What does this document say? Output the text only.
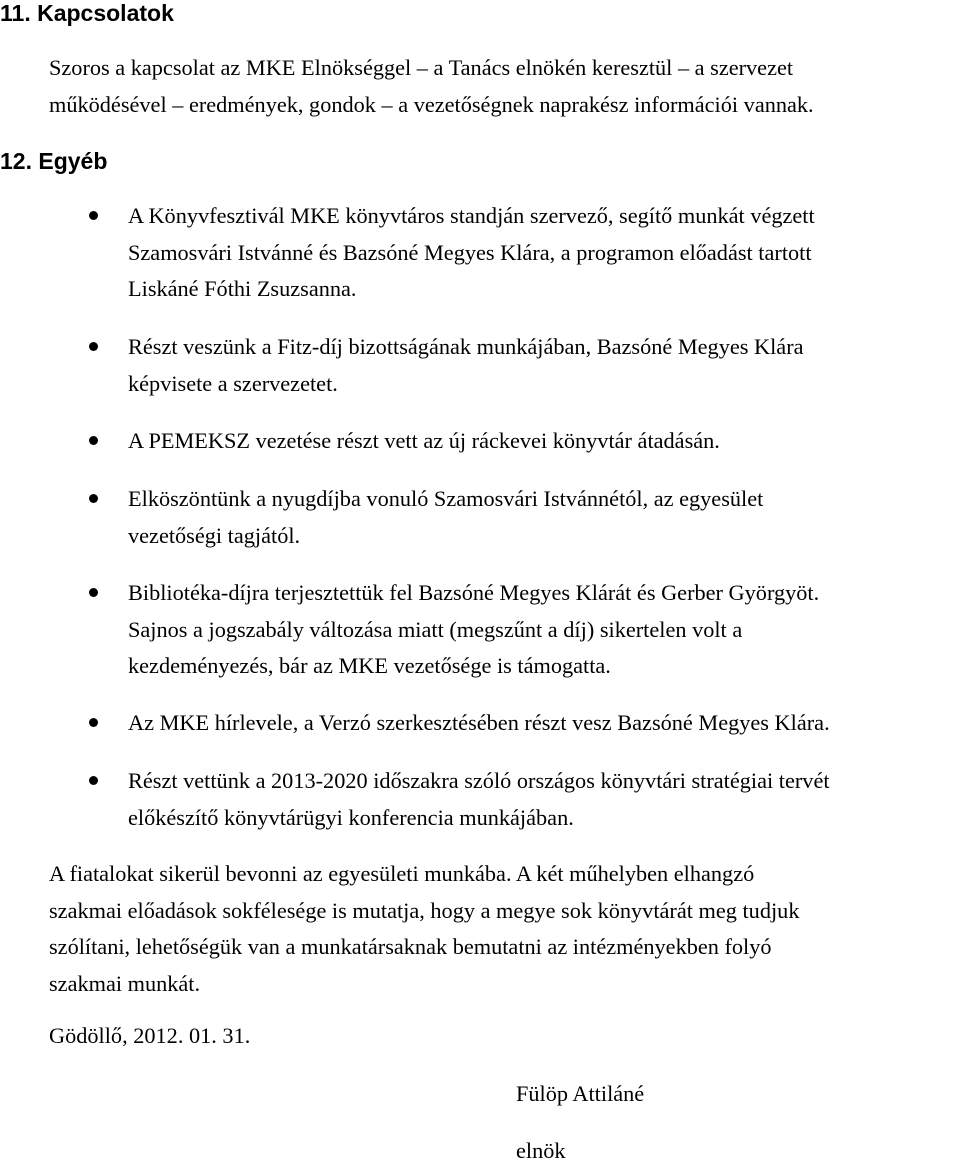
11. Kapcsolatok
Szoros a kapcsolat az MKE Elnökséggel – a Tanács elnökén keresztül – a szervezet
működésével – eredmények, gondok – a vezetőségnek naprakész információi vannak.
12. Egyéb
A Könyvfesztivál MKE könyvtáros standján szervező, segítő munkát végzett
Szamosvári Istvánné és Bazsóné Megyes Klára, a programon előadást tartott
Liskáné Fóthi Zsuzsanna.
Részt veszünk a Fitz-díj bizottságának munkájában, Bazsóné Megyes Klára
képvisete a szervezetet.
A PEMEKSZ vezetése részt vett az új ráckevei könyvtár átadásán.
Elköszöntünk a nyugdíjba vonuló Szamosvári Istvánnétól, az egyesület
vezetőségi tagjától.
Bibliotéka-díjra terjesztettük fel Bazsóné Megyes Klárát és Gerber Györgyöt.
Sajnos a jogszabály változása miatt (megszűnt a díj) sikertelen volt a
kezdeményezés, bár az MKE vezetősége is támogatta.
Az MKE hírlevele, a Verzó szerkesztésében részt vesz Bazsóné Megyes Klára.
Részt vettünk a 2013-2020 időszakra szóló országos könyvtári stratégiai tervét
előkészítő könyvtárügyi konferencia munkájában.
A fiatalokat sikerül bevonni az egyesületi munkába. A két műhelyben elhangzó
szakmai előadások sokfélesége is mutatja, hogy a megye sok könyvtárát meg tudjuk
szólítani, lehetőségük van a munkatársaknak bemutatni az intézményekben folyó
szakmai munkát.
Gödöllő, 2012. 01. 31.
Fülöp Attiláné
elnök
